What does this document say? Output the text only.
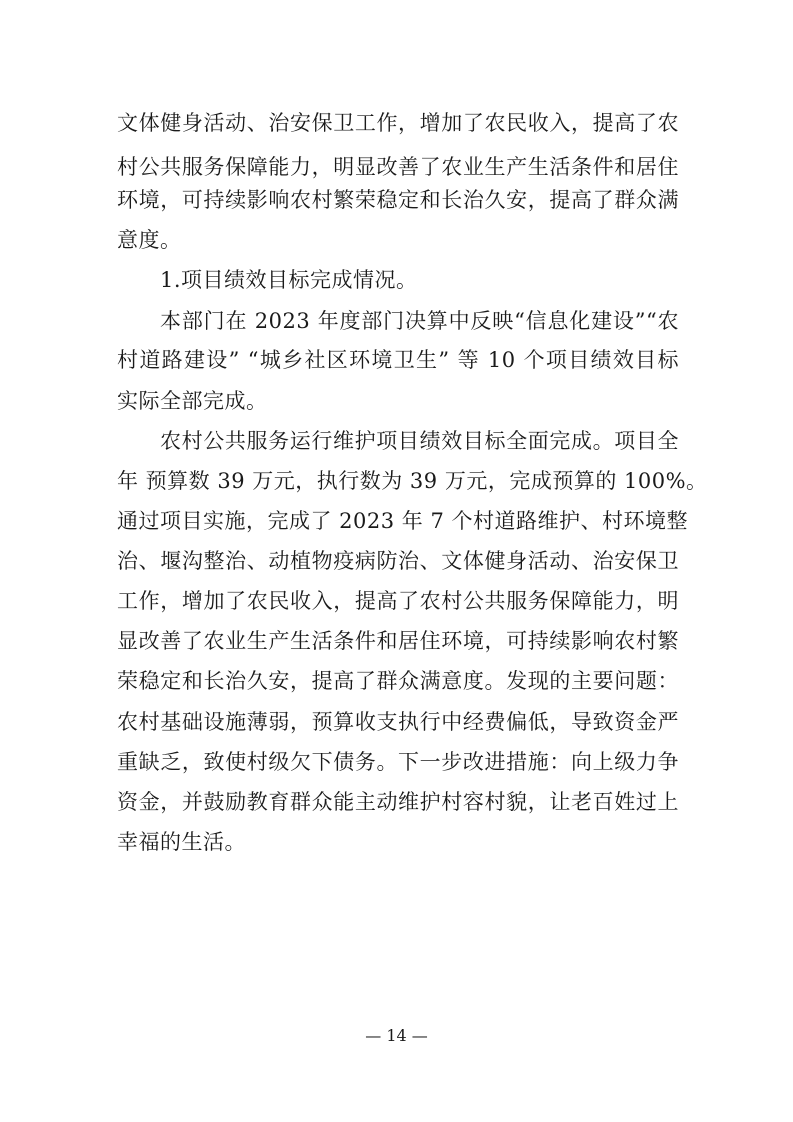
文体健身活动、治安保卫工作，增加了农民收入，提高了农
村公共服务保障能力，明显改善了农业生产生活条件和居住
环境，可持续影响农村繁荣稳定和长治久安，提高了群众满
意度。
1.项目绩效目标完成情况。
本部门在 2023 年度部门决算中反映“信息化建设”“农
村道路建设” “城乡社区环境卫生” 等 10 个项目绩效目标
实际全部完成。
农村公共服务运行维护项目绩效目标全面完成。项目全
年 预算数 39 万元，执行数为 39 万元，完成预算的 100%。
通过项目实施，完成了 2023 年 7 个村道路维护、村环境整
治、堰沟整治、动植物疫病防治、文体健身活动、治安保卫
工作，增加了农民收入，提高了农村公共服务保障能力，明
显改善了农业生产生活条件和居住环境，可持续影响农村繁
荣稳定和长治久安，提高了群众满意度。发现的主要问题：
农村基础设施薄弱，预算收支执行中经费偏低，导致资金严
重缺乏，致使村级欠下债务。下一步改进措施：向上级力争
资金，并鼓励教育群众能主动维护村容村貌，让老百姓过上
幸福的生活。
— 14 —
